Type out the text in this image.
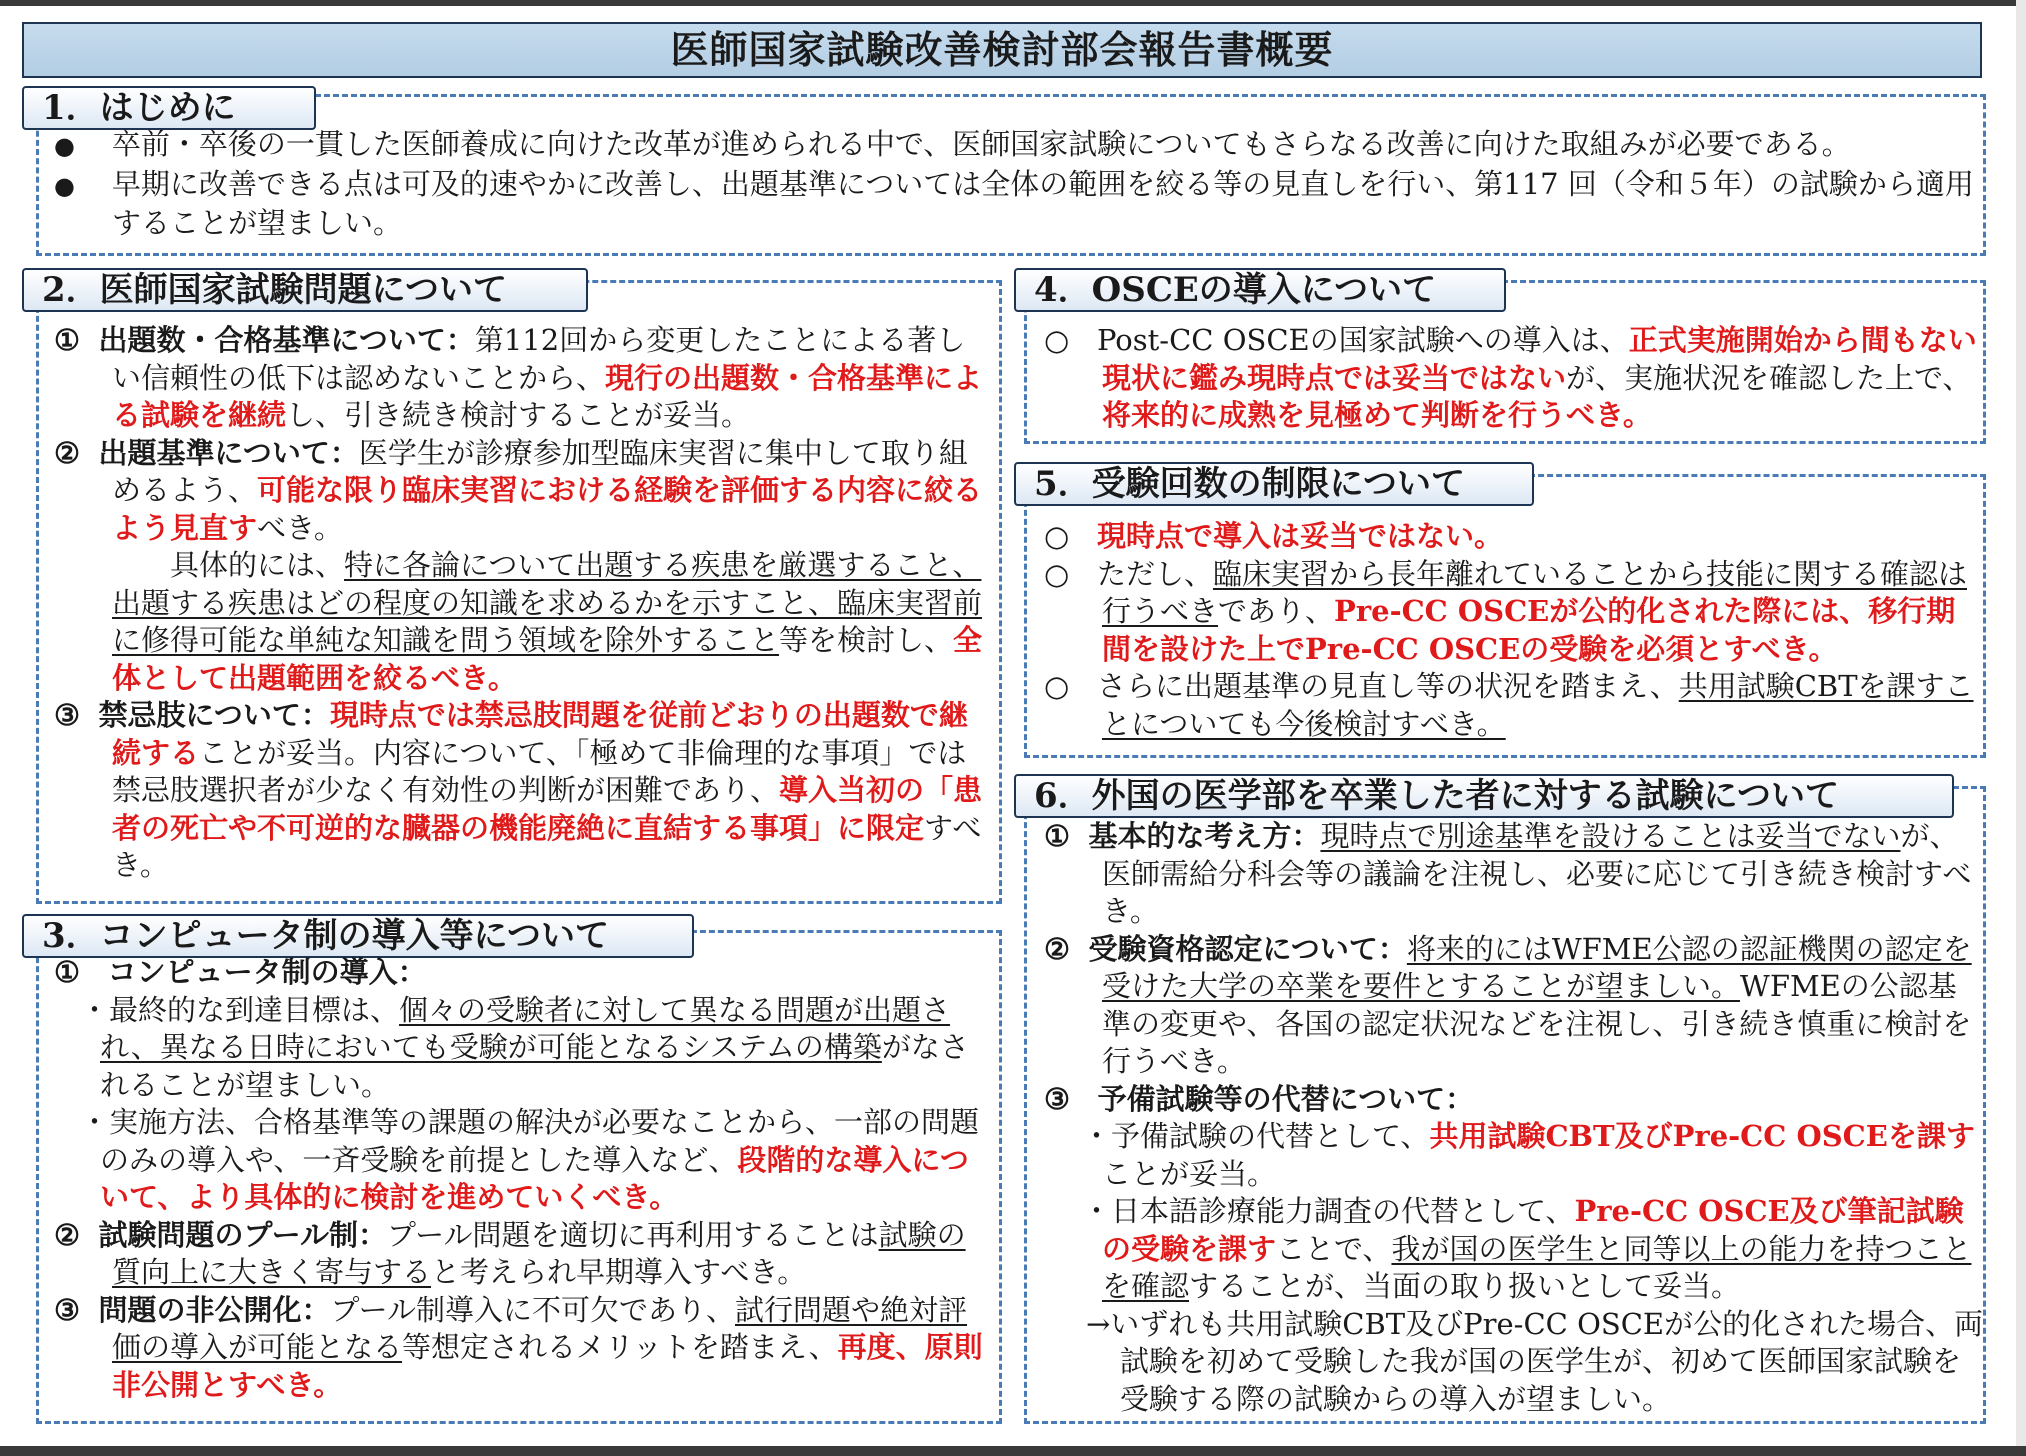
医師国家試験改善検討部会報告書概要
1．はじめに

● 卒前・卒後の一貫した医師養成に向けた改革が進められる中で、医師国家試験についてもさらなる改善に向けた取組みが必要である。

● 早期に改善できる点は可及的速やかに改善し、出題基準については全体の範囲を絞る等の見直しを行い、第117 回（令和５年）の試験から適用することが望ましい。

2．医師国家試験問題について

① 出題数・合格基準について：第112回から変更したことによる著しい信頼性の低下は認めないことから、現行の出題数・合格基準による試験を継続し、引き続き検討することが妥当。

② 出題基準について：医学生が診療参加型臨床実習に集中して取り組めるよう、可能な限り臨床実習における経験を評価する内容に絞るよう見直すべき。

具体的には、特に各論について出題する疾患を厳選すること、出題する疾患はどの程度の知識を求めるかを示すこと、臨床実習前に修得可能な単純な知識を問う領域を除外すること等を検討し、全体として出題範囲を絞るべき。

③ 禁忌肢について：現時点では禁忌肢問題を従前どおりの出題数で継続することが妥当。内容について、「極めて非倫理的な事項」では禁忌肢選択者が少なく有効性の判断が困難であり、導入当初の「患者の死亡や不可逆的な臓器の機能廃絶に直結する事項」に限定すべき。

3．コンピュータ制の導入等について

① コンピュータ制の導入：

・最終的な到達目標は、個々の受験者に対して異なる問題が出題され、異なる日時においても受験が可能となるシステムの構築がなされることが望ましい。

・実施方法、合格基準等の課題の解決が必要なことから、一部の問題のみの導入や、一斉受験を前提とした導入など、段階的な導入について、より具体的に検討を進めていくべき。

② 試験問題のプール制：プール問題を適切に再利用することは試験の質向上に大きく寄与すると考えられ早期導入すべき。

③ 問題の非公開化：プール制導入に不可欠であり、試行問題や絶対評価の導入が可能となる等想定されるメリットを踏まえ、再度、原則非公開とすべき。

4．OSCEの導入について

○ Post-CC OSCEの国家試験への導入は、正式実施開始から間もない現状に鑑み現時点では妥当ではないが、実施状況を確認した上で、将来的に成熟を見極めて判断を行うべき。

5．受験回数の制限について

○ 現時点で導入は妥当ではない。

○ ただし、臨床実習から長年離れていることから技能に関する確認は行うべきであり、Pre-CC OSCEが公的化された際には、移行期間を設けた上でPre-CC OSCEの受験を必須とすべき。

○ さらに出題基準の見直し等の状況を踏まえ、共用試験CBTを課すことについても今後検討すべき。

6．外国の医学部を卒業した者に対する試験について

① 基本的な考え方：現時点で別途基準を設けることは妥当でないが、医師需給分科会等の議論を注視し、必要に応じて引き続き検討すべき。

② 受験資格認定について：将来的にはWFME公認の認証機関の認定を受けた大学の卒業を要件とすることが望ましい。WFMEの公認基準の変更や、各国の認定状況などを注視し、引き続き慎重に検討を行うべき。

③ 予備試験等の代替について：

・予備試験の代替として、共用試験CBT及びPre-CC OSCEを課すことが妥当。

・日本語診療能力調査の代替として、Pre-CC OSCE及び筆記試験の受験を課すことで、我が国の医学生と同等以上の能力を持つことを確認することが、当面の取り扱いとして妥当。

→いずれも共用試験CBT及びPre-CC OSCEが公的化された場合、両試験を初めて受験した我が国の医学生が、初めて医師国家試験を受験する際の試験からの導入が望ましい。
